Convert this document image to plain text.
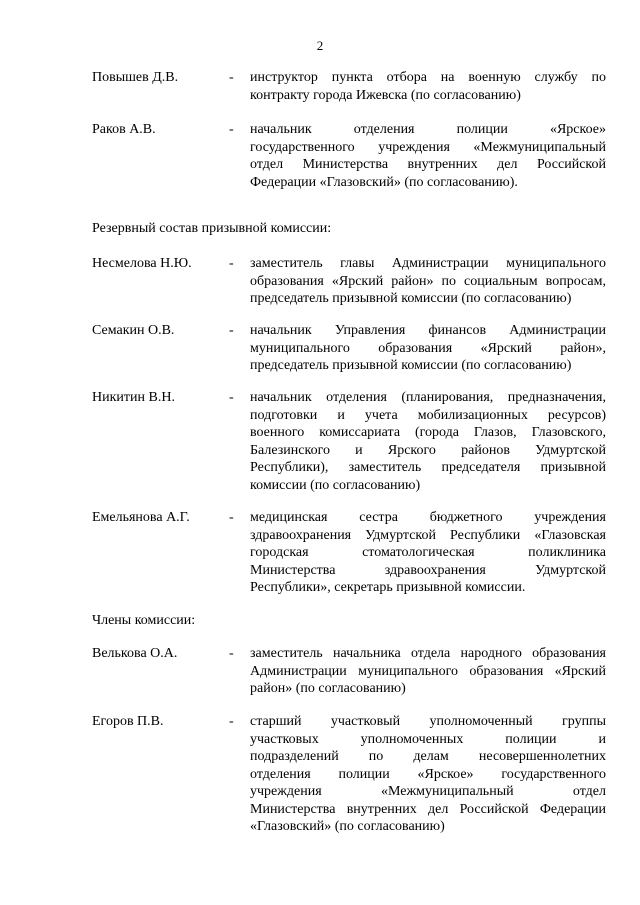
2
Повышев Д.В.	- инструктор пункта отбора на военную службу по
контракту города Ижевска (по согласованию)
Раков А.В.	- начальник отделения полиции «Ярское»
государственного учреждения «Межмуниципальный
отдел Министерства внутренних дел Российской
Федерации «Глазовский» (по согласованию).
Резервный состав призывной комиссии:
Несмелова Н.Ю.	- заместитель главы Администрации муниципального
образования «Ярский район» по социальным вопросам,
председатель призывной комиссии (по согласованию)
Семакин О.В.	- начальник Управления финансов Администрации
муниципального образования «Ярский район»,
председатель призывной комиссии (по согласованию)
Никитин В.Н.	- начальник отделения (планирования, предназначения,
подготовки и учета мобилизационных ресурсов)
военного комиссариата (города Глазов, Глазовского,
Балезинского и Ярского районов Удмуртской
Республики), заместитель председателя призывной
комиссии (по согласованию)
Емельянова А.Г.	- медицинская сестра бюджетного учреждения
здравоохранения Удмуртской Республики «Глазовская
городская стоматологическая поликлиника
Министерства здравоохранения Удмуртской
Республики», секретарь призывной комиссии.
Члены комиссии:
Велькова О.А.	- заместитель начальника отдела народного образования
Администрации муниципального образования «Ярский
район» (по согласованию)
Егоров П.В.	- старший участковый уполномоченный группы
участковых уполномоченных полиции и
подразделений по делам несовершеннолетних
отделения полиции «Ярское» государственного
учреждения «Межмуниципальный отдел
Министерства внутренних дел Российской Федерации
«Глазовский» (по согласованию)
